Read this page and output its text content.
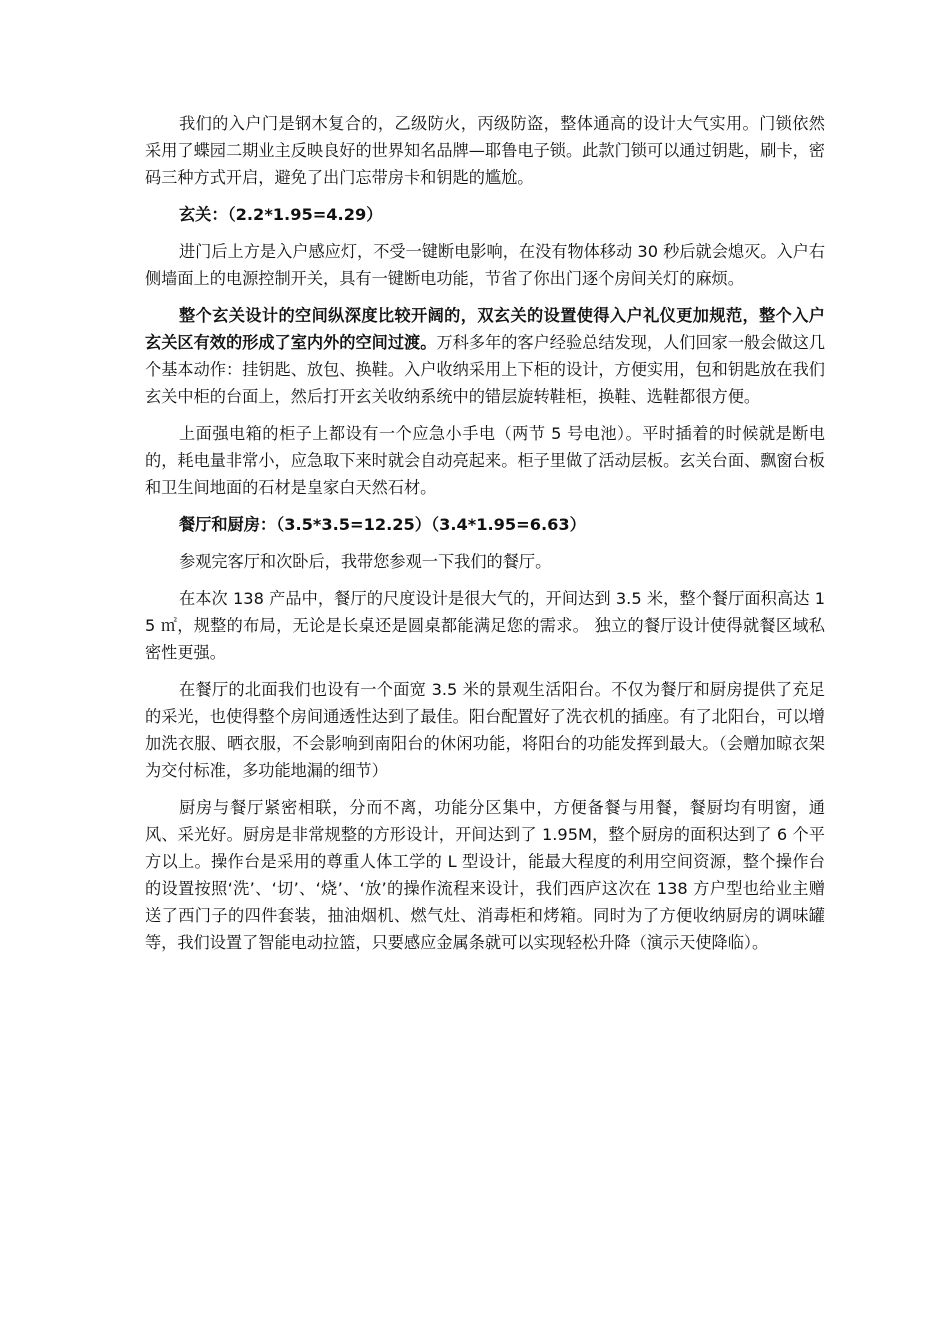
我们的入户门是钢木复合的，乙级防火，丙级防盗，整体通高的设计大气实用。门锁依然采用了蝶园二期业主反映良好的世界知名品牌—耶鲁电子锁。此款门锁可以通过钥匙，刷卡，密码三种方式开启，避免了出门忘带房卡和钥匙的尴尬。

玄关：（2.2*1.95=4.29）

进门后上方是入户感应灯，不受一键断电影响，在没有物体移动 30 秒后就会熄灭。入户右侧墙面上的电源控制开关，具有一键断电功能，节省了你出门逐个房间关灯的麻烦。

整个玄关设计的空间纵深度比较开阔的，双玄关的设置使得入户礼仪更加规范，整个入户玄关区有效的形成了室内外的空间过渡。万科多年的客户经验总结发现，人们回家一般会做这几个基本动作：挂钥匙、放包、换鞋。入户收纳采用上下柜的设计，方便实用，包和钥匙放在我们玄关中柜的台面上，然后打开玄关收纳系统中的错层旋转鞋柜，换鞋、选鞋都很方便。

上面强电箱的柜子上都设有一个应急小手电（两节 5 号电池）。平时插着的时候就是断电的，耗电量非常小，应急取下来时就会自动亮起来。柜子里做了活动层板。玄关台面、飘窗台板和卫生间地面的石材是皇家白天然石材。

餐厅和厨房：（3.5*3.5=12.25）（3.4*1.95=6.63）

参观完客厅和次卧后，我带您参观一下我们的餐厅。

在本次 138 产品中，餐厅的尺度设计是很大气的，开间达到 3.5 米，整个餐厅面积高达 15 ㎡，规整的布局，无论是长桌还是圆桌都能满足您的需求。 独立的餐厅设计使得就餐区域私密性更强。

在餐厅的北面我们也设有一个面宽 3.5 米的景观生活阳台。不仅为餐厅和厨房提供了充足的采光，也使得整个房间通透性达到了最佳。阳台配置好了洗衣机的插座。有了北阳台，可以增加洗衣服、晒衣服，不会影响到南阳台的休闲功能，将阳台的功能发挥到最大。（会赠加晾衣架为交付标准，多功能地漏的细节）

厨房与餐厅紧密相联，分而不离，功能分区集中，方便备餐与用餐，餐厨均有明窗，通风、采光好。厨房是非常规整的方形设计，开间达到了 1.95M，整个厨房的面积达到了 6 个平方以上。操作台是采用的尊重人体工学的 L 型设计，能最大程度的利用空间资源，整个操作台的设置按照‘洗’、‘切’、‘烧’、‘放’的操作流程来设计，我们西庐这次在 138 方户型也给业主赠送了西门子的四件套装，抽油烟机、燃气灶、消毒柜和烤箱。同时为了方便收纳厨房的调味罐等，我们设置了智能电动拉篮，只要感应金属条就可以实现轻松升降（演示天使降临）。
